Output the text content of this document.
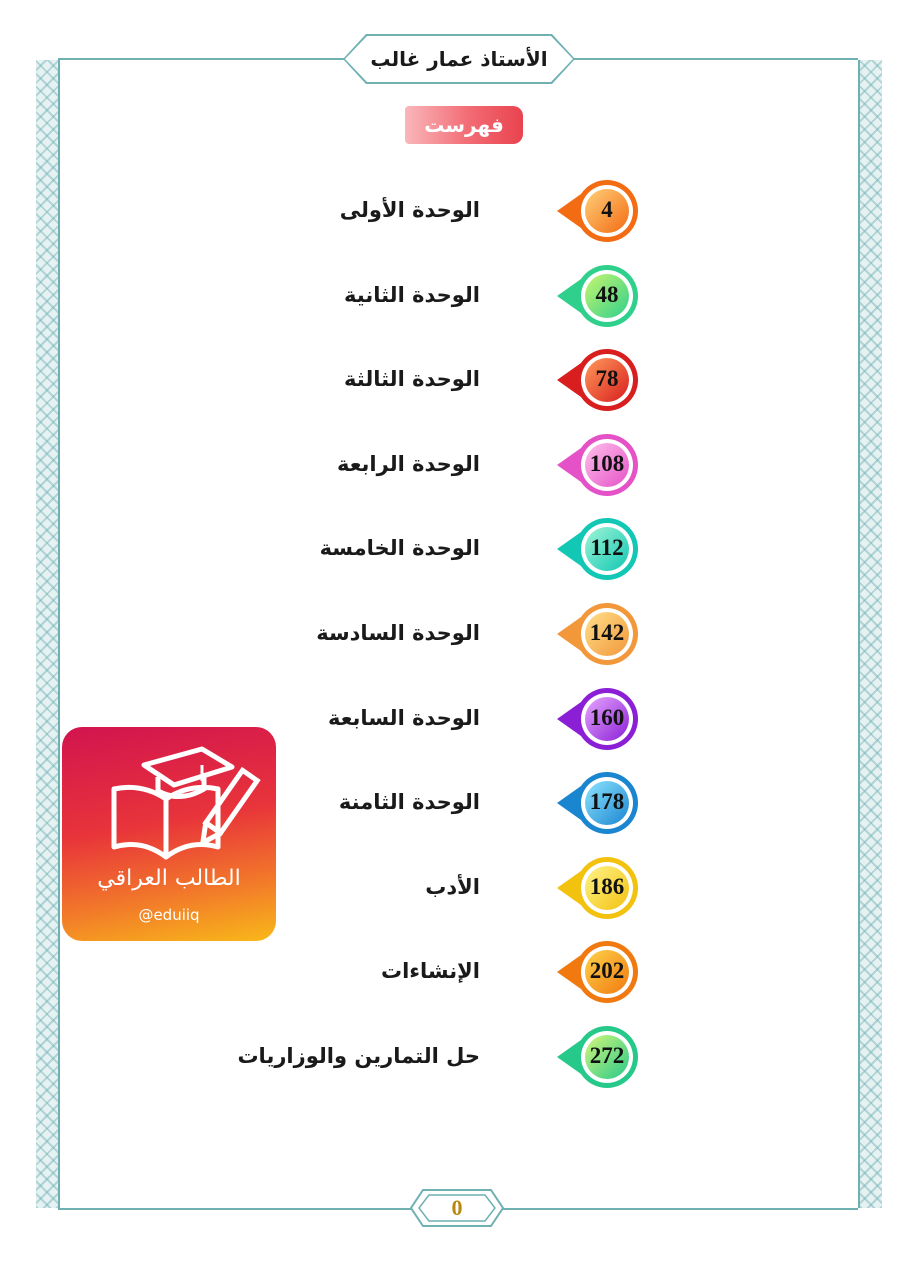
الأستاذ عمار غالب
فهرست
الوحدة الأولى	4
الوحدة الثانية	48
الوحدة الثالثة	78
الوحدة الرابعة	108
الوحدة الخامسة	112
الوحدة السادسة	142
الوحدة السابعة	160
الوحدة الثامنة	178
الأدب	186
الإنشاءات	202
حل التمارين والوزاريات	272
الطالب العراقي
@eduiiq
0
